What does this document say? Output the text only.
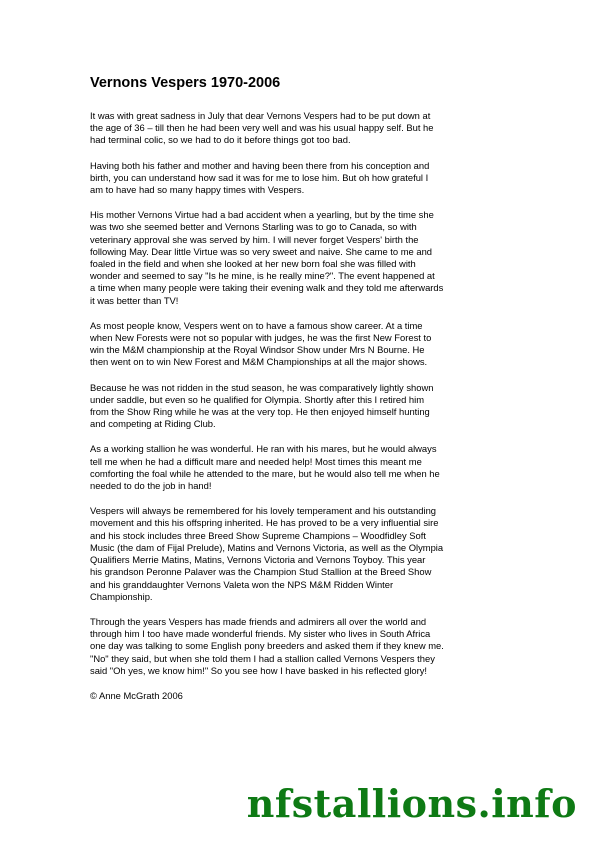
Vernons Vespers 1970-2006

It was with great sadness in July that dear Vernons Vespers had to be put down at
the age of 36 – till then he had been very well and was his usual happy self. But he
had terminal colic, so we had to do it before things got too bad.

Having both his father and mother and having been there from his conception and
birth, you can understand how sad it was for me to lose him. But oh how grateful I
am to have had so many happy times with Vespers.

His mother Vernons Virtue had a bad accident when a yearling, but by the time she
was two she seemed better and Vernons Starling was to go to Canada, so with
veterinary approval she was served by him. I will never forget Vespers' birth the
following May. Dear little Virtue was so very sweet and naive. She came to me and
foaled in the field and when she looked at her new born foal she was filled with
wonder and seemed to say "Is he mine, is he really mine?". The event happened at
a time when many people were taking their evening walk and they told me afterwards
it was better than TV!

As most people know, Vespers went on to have a famous show career. At a time
when New Forests were not so popular with judges, he was the first New Forest to
win the M&M championship at the Royal Windsor Show under Mrs N Bourne. He
then went on to win New Forest and M&M Championships at all the major shows.

Because he was not ridden in the stud season, he was comparatively lightly shown
under saddle, but even so he qualified for Olympia. Shortly after this I retired him
from the Show Ring while he was at the very top. He then enjoyed himself hunting
and competing at Riding Club.

As a working stallion he was wonderful. He ran with his mares, but he would always
tell me when he had a difficult mare and needed help! Most times this meant me
comforting the foal while he attended to the mare, but he would also tell me when he
needed to do the job in hand!

Vespers will always be remembered for his lovely temperament and his outstanding
movement and this his offspring inherited. He has proved to be a very influential sire
and his stock includes three Breed Show Supreme Champions – Woodfidley Soft
Music (the dam of Fijal Prelude), Matins and Vernons Victoria, as well as the Olympia
Qualifiers Merrie Matins, Matins, Vernons Victoria and Vernons Toyboy. This year
his grandson Peronne Palaver was the Champion Stud Stallion at the Breed Show
and his granddaughter Vernons Valeta won the NPS M&M Ridden Winter
Championship.

Through the years Vespers has made friends and admirers all over the world and
through him I too have made wonderful friends. My sister who lives in South Africa
one day was talking to some English pony breeders and asked them if they knew me.
"No" they said, but when she told them I had a stallion called Vernons Vespers they
said "Oh yes, we know him!" So you see how I have basked in his reflected glory!

© Anne McGrath 2006

nfstallions.info
